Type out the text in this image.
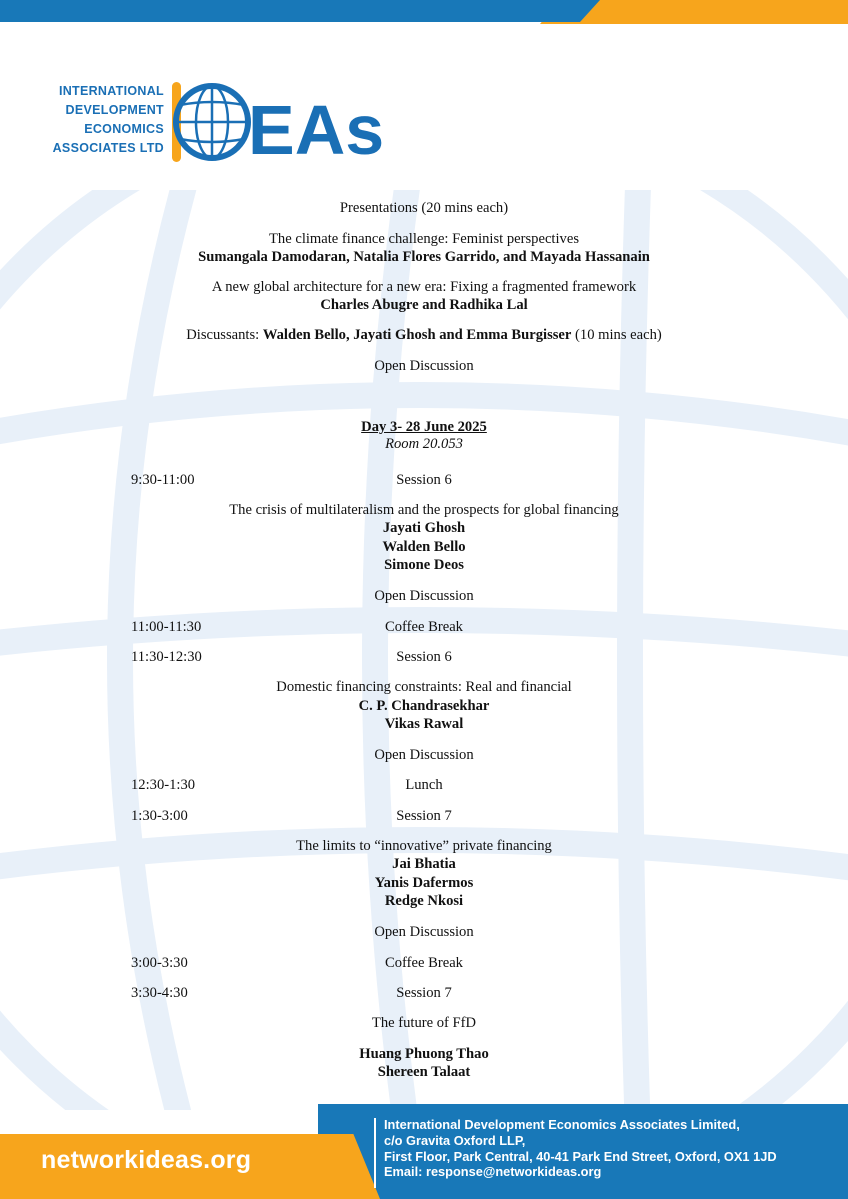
INTERNATIONAL
DEVELOPMENT
ECONOMICS
ASSOCIATES LTD EAs
Presentations (20 mins each)
The climate finance challenge: Feminist perspectives
Sumangala Damodaran, Natalia Flores Garrido, and Mayada Hassanain
A new global architecture for a new era: Fixing a fragmented framework
Charles Abugre and Radhika Lal
Discussants: Walden Bello, Jayati Ghosh and Emma Burgisser (10 mins each)
Open Discussion
Day 3- 28 June 2025
Room 20.053
9:30-11:00	Session 6
The crisis of multilateralism and the prospects for global financing
Jayati Ghosh
Walden Bello
Simone Deos
Open Discussion
11:00-11:30	Coffee Break
11:30-12:30	Session 6
Domestic financing constraints: Real and financial
C. P. Chandrasekhar
Vikas Rawal
Open Discussion
12:30-1:30	Lunch
1:30-3:00	Session 7
The limits to “innovative” private financing
Jai Bhatia
Yanis Dafermos
Redge Nkosi
Open Discussion
3:00-3:30	Coffee Break
3:30-4:30	Session 7
The future of FfD
Huang Phuong Thao
Shereen Talaat
networkideas.org
International Development Economics Associates Limited,
c/o Gravita Oxford LLP,
First Floor, Park Central, 40-41 Park End Street, Oxford, OX1 1JD
Email: response@networkideas.org
